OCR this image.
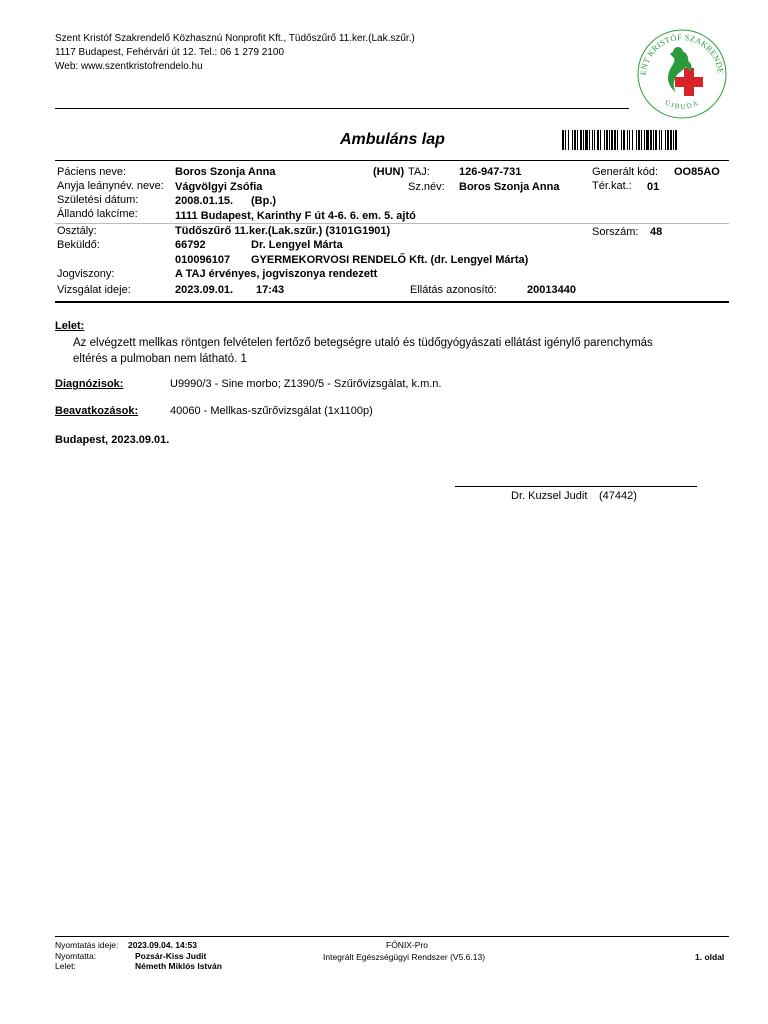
Szent Kristóf Szakrendelő Közhasznú Nonprofit Kft., Tüdőszűrő 11.ker.(Lak.szűr.)
1117 Budapest, Fehérvári út 12. Tel.: 06 1 279 2100
Web: www.szentkristofrendelo.hu
ENT KRISTÓF SZAKRENDE
ÚJBUDA
Ambuláns lap
Páciens neve:	Boros Szonja Anna	(HUN) TAJ:	126-947-731	Generált kód: OO85AO
Anyja leánynév. neve: Vágvölgyi Zsófia	Sz.név: Boros Szonja Anna	Tér.kat.: 01
Születési dátum:	2008.01.15. (Bp.)
Állandó lakcíme:	1111 Budapest, Karinthy F út 4-6. 6. em. 5. ajtó
Osztály:	Tüdőszűrő 11.ker.(Lak.szűr.) (3101G1901)	Sorszám: 48
Beküldő:	66792	Dr. Lengyel Márta
010096107 GYERMEKORVOSI RENDELŐ Kft. (dr. Lengyel Márta)
Jogviszony:	A TAJ érvényes, jogviszonya rendezett
Vizsgálat ideje:	2023.09.01. 17:43	Ellátás azonosító:	20013440
Lelet:
Az elvégzett mellkas röntgen felvételen fertőző betegségre utaló és tüdőgyógyászati ellátást igénylő parenchymás eltérés a pulmoban nem látható. 1
Diagnózisok:	U9990/3 - Sine morbo; Z1390/5 - Szűrővizsgálat, k.m.n.
Beavatkozások:	40060 - Mellkas-szűrővizsgálat (1x1100p)
Budapest, 2023.09.01.
Dr. Kuzsel Judit (47442)
Nyomtatás ideje: 2023.09.04. 14:53
Nyomtatta:	Pozsár-Kiss Judit
Lelet:	Németh Miklós István
FŐNIX-Pro
Integrált Egészségügyi Rendszer (V5.6.13)	1. oldal
